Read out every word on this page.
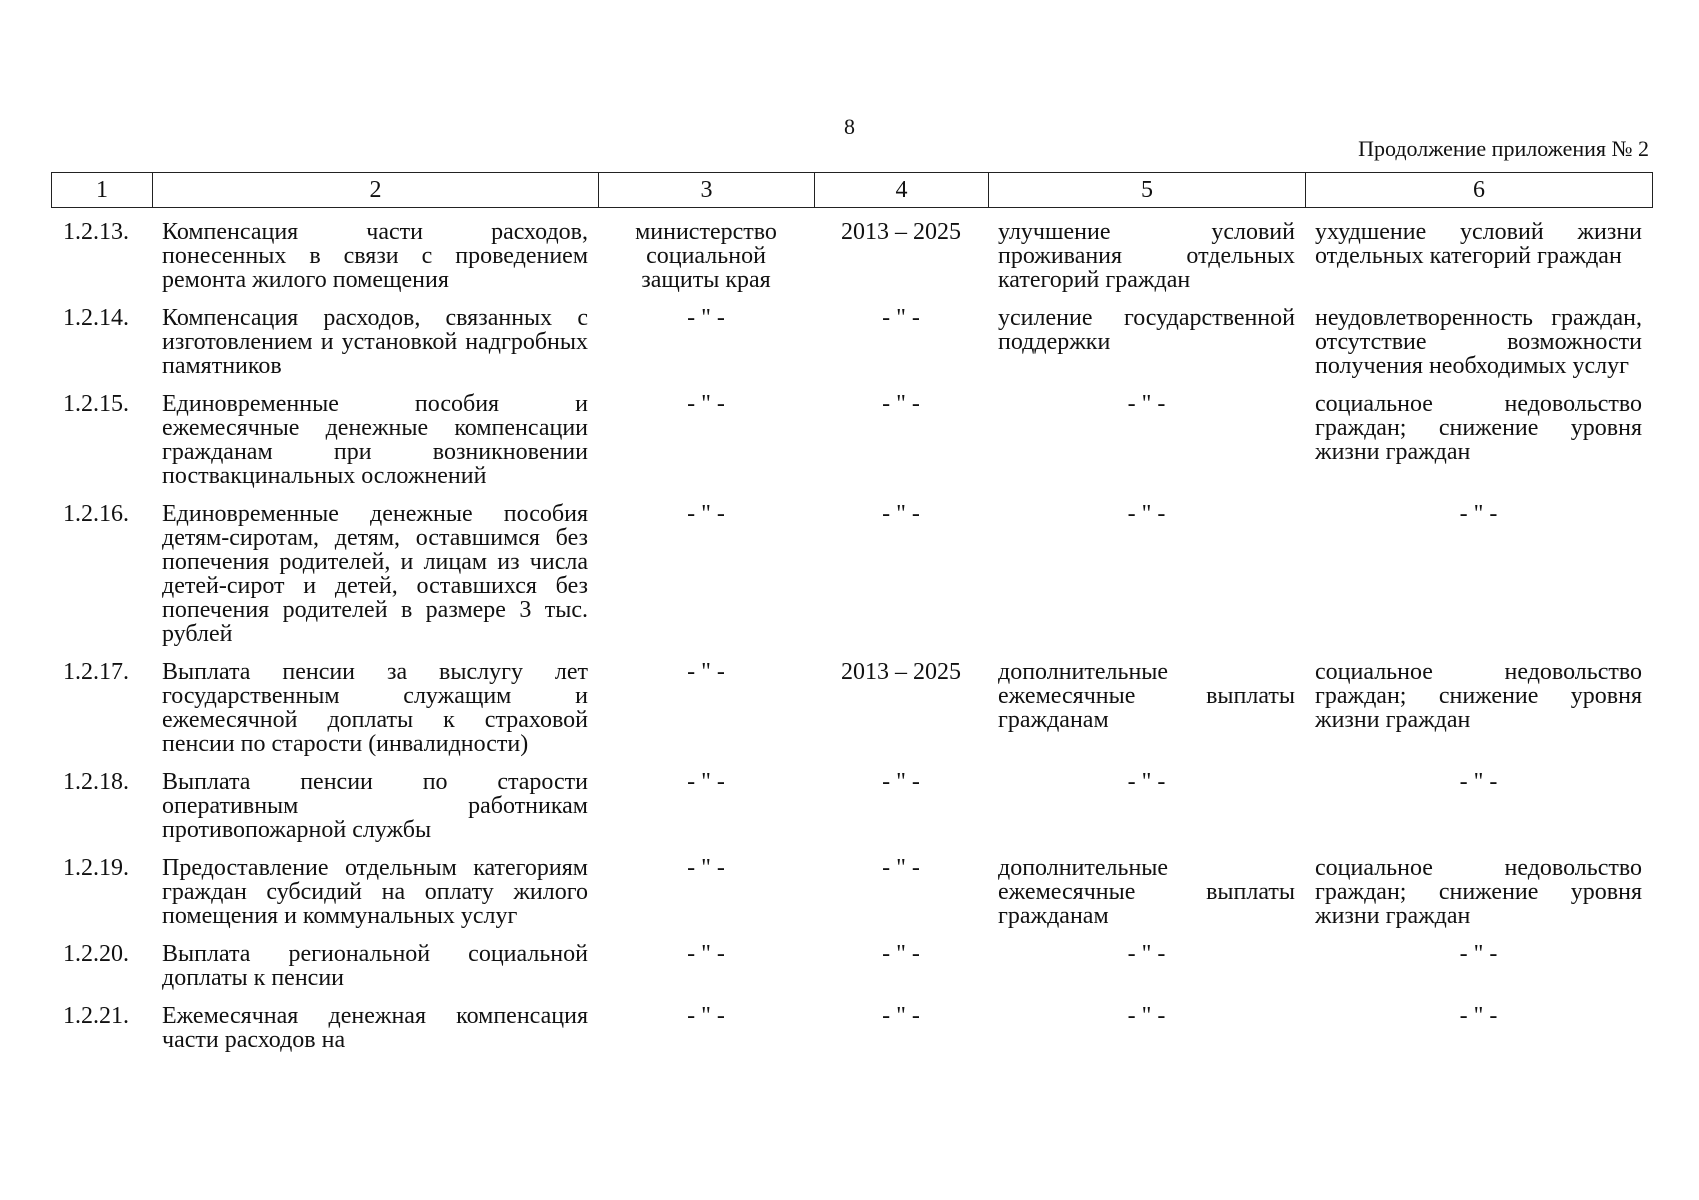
8
Продолжение приложения № 2
1	2	3	4	5	6
1.2.13.	Компенсация части расходов, понесенных в связи с проведением ремонта жилого помещения	министерство социальной защиты края	2013 – 2025	улучшение условий проживания отдельных категорий граждан	ухудшение условий жизни отдельных категорий граждан
1.2.14.	Компенсация расходов, связанных с изготовлением и установкой надгробных памятников	- " -	- " -	усиление государственной поддержки	неудовлетворенность граждан, отсутствие возможности получения необходимых услуг
1.2.15.	Единовременные пособия и ежемесячные денежные компенсации гражданам при возникновении поствакцинальных осложнений	- " -	- " -	- " -	социальное недовольство граждан; снижение уровня жизни граждан
1.2.16.	Единовременные денежные пособия детям-сиротам, детям, оставшимся без попечения родителей, и лицам из числа детей-сирот и детей, оставшихся без попечения родителей в размере 3 тыс. рублей	- " -	- " -	- " -	- " -
1.2.17.	Выплата пенсии за выслугу лет государственным служащим и ежемесячной доплаты к страховой пенсии по старости (инвалидности)	- " -	2013 – 2025	дополнительные ежемесячные выплаты гражданам	социальное недовольство граждан; снижение уровня жизни граждан
1.2.18.	Выплата пенсии по старости оперативным работникам противопожарной службы	- " -	- " -	- " -	- " -
1.2.19.	Предоставление отдельным категориям граждан субсидий на оплату жилого помещения и коммунальных услуг	- " -	- " -	дополнительные ежемесячные выплаты гражданам	социальное недовольство граждан; снижение уровня жизни граждан
1.2.20.	Выплата региональной социальной доплаты к пенсии	- " -	- " -	- " -	- " -
1.2.21.	Ежемесячная денежная компенсация части расходов на	- " -	- " -	- " -	- " -
